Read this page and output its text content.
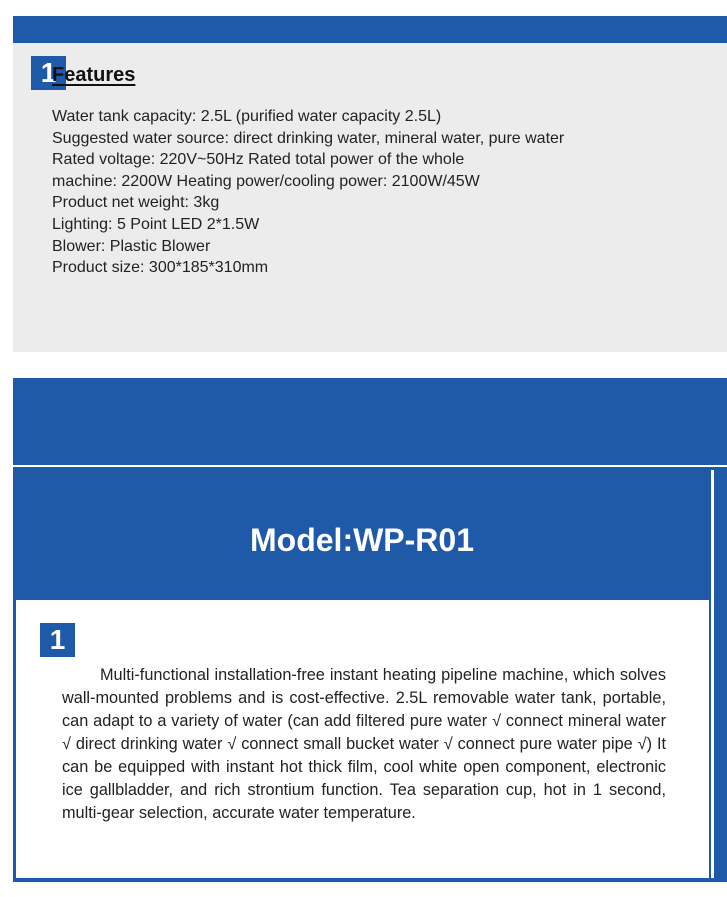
1
Features
Water tank capacity: 2.5L (purified water capacity 2.5L)
Suggested water source: direct drinking water, mineral water, pure water
Rated voltage: 220V~50Hz Rated total power of the whole
machine: 2200W Heating power/cooling power: 2100W/45W
Product net weight: 3kg
Lighting: 5 Point LED 2*1.5W
Blower: Plastic Blower
Product size: 300*185*310mm
Model:WP-R01
1

Multi-functional installation-free instant heating pipeline machine, which solves wall-mounted problems and is cost-effective. 2.5L removable water tank, portable, can adapt to a variety of water (can add filtered pure water √ connect mineral water √ direct drinking water √ connect small bucket water √ connect pure water pipe √) It can be equipped with instant hot thick film, cool white open component, electronic ice gallbladder, and rich strontium function. Tea separation cup, hot in 1 second, multi-gear selection, accurate water temperature.
